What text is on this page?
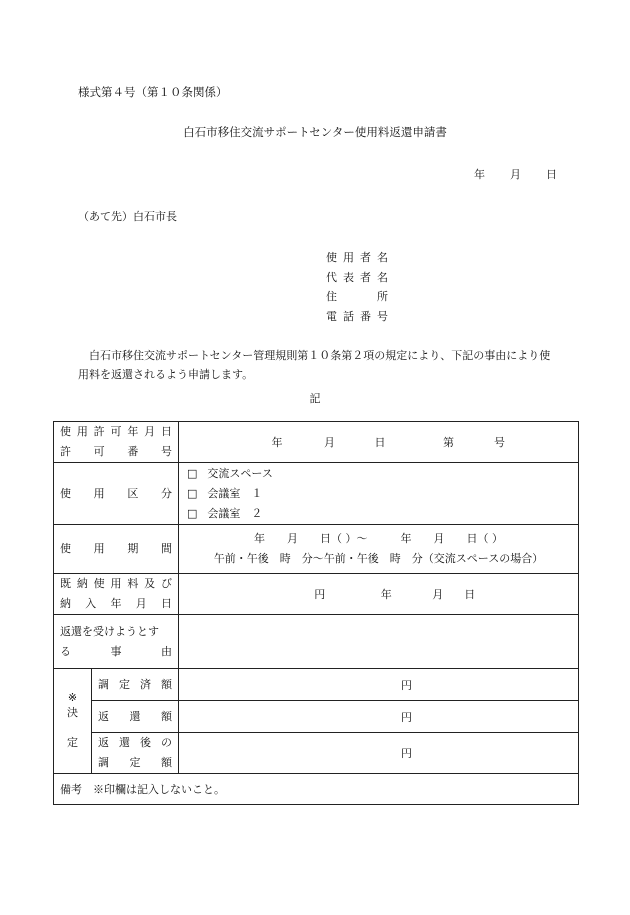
様式第４号（第１０条関係）
白石市移住交流サポートセンター使用料返還申請書
年	月	日
（あて先）白石市長
使用者名
代表者名
住所
電話番号
白石市移住交流サポートセンター管理規則第１０条第２項の規定により、下記の事由により使用料を返還されるよう申請します。
記
使用許可年月日
許可番号		年 月 日 第 号

使用区分		□ 交流スペース
□ 会議室　１
□ 会議室　２

使用期間		年　　月　　日（ ）～　　　年　　月　　日（ ）
午前・午後　時　分～午前・午後　時　分（交流スペースの場合）

既納使用料及び
納入年月日		円 年 月 日

返還を受けようとす
る事由		

※
決
定	調定済額	円

	返還額	円

	返還後の
調定額	円
備考　※印欄は記入しないこと。		
